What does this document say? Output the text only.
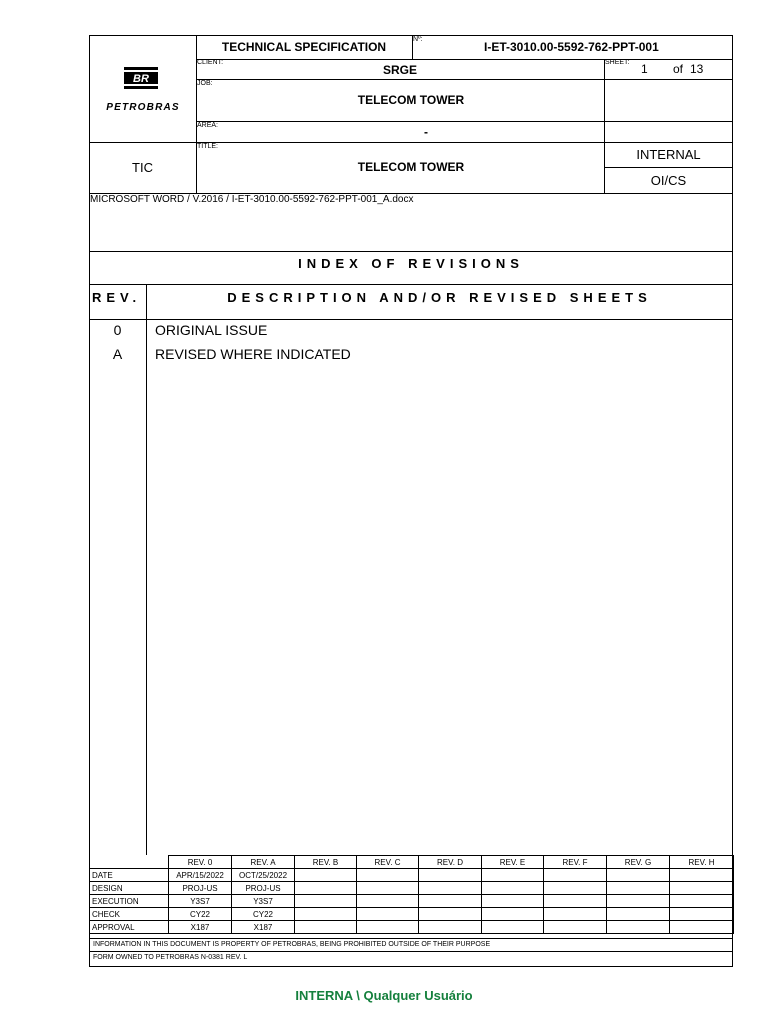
BR
PETROBRAS
TECHNICAL SPECIFICATION
Nº:
I-ET-3010.00-5592-762-PPT-001
CLIENT:
SRGE
SHEET: 1 of 13
JOB:
TELECOM TOWER
AREA:	-
TITLE:
TELECOM TOWER
TIC
INTERNAL
OI/CS
MICROSOFT WORD / V.2016 / I-ET-3010.00-5592-762-PPT-001_A.docx
INDEX OF REVISIONS
REV.	DESCRIPTION AND/OR REVISED SHEETS
0	ORIGINAL ISSUE
A	REVISED WHERE INDICATED
	REV. 0	REV. A	REV. B	REV. C	REV. D	REV. E	REV. F	REV. G	REV. H
DATE	APR/15/2022	OCT/25/2022							
DESIGN	PROJ-US	PROJ-US							
EXECUTION	Y3S7	Y3S7							
CHECK	CY22	CY22							
APPROVAL	X187	X187							
INFORMATION IN THIS DOCUMENT IS PROPERTY OF PETROBRAS, BEING PROHIBITED OUTSIDE OF THEIR PURPOSE
FORM OWNED TO PETROBRAS N-0381 REV. L
INTERNA \ Qualquer Usuário
